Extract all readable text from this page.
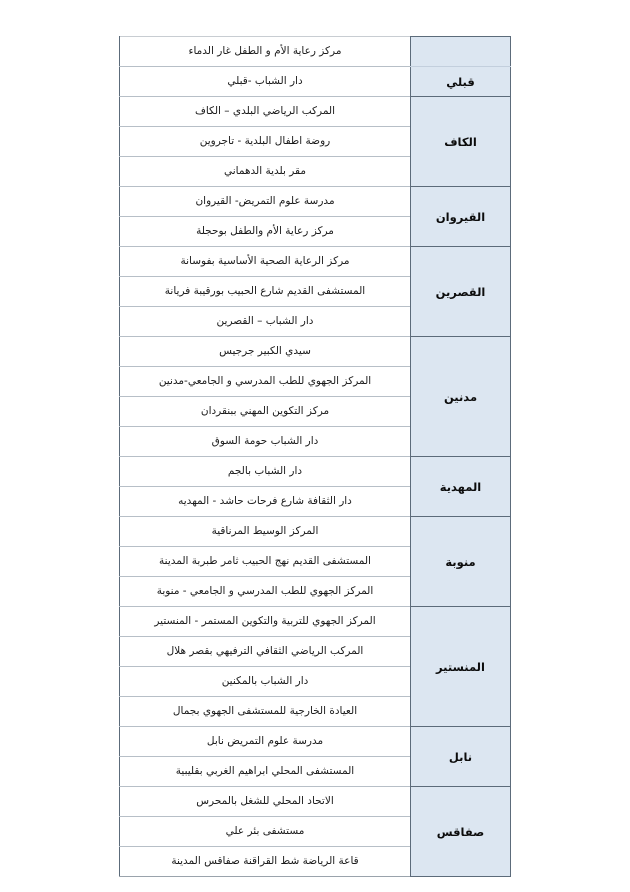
	مركز رعاية الأم و الطفل غار الدماء
قبلي	دار الشباب -قبلي
الكاف	المركب الرياضي البلدي – الكاف
	روضة اطفال البلدية - تاجروين
	مقر بلدية الدهماني
القيروان	مدرسة علوم التمريض- القيروان
	مركز رعاية الأم والطفل بوحجلة
القصرين	مركز الرعاية الصحية الأساسية بفوسانة
	المستشفى القديم شارع الحبيب بورقيبة فريانة
	دار الشباب – القصرين
مدنين	سيدي الكبير جرجيس
	المركز الجهوي للطب المدرسي و الجامعي-مدنين
	مركز التكوين المهني ببنقردان
	دار الشباب حومة السوق
المهدية	دار الشباب بالجم
	دار الثقافة شارع فرحات حاشد - المهديه
منوبة	المركز الوسيط المرناقية
	المستشفى القديم نهج الحبيب ثامر طبربة المدينة
	المركز الجهوي للطب المدرسي و الجامعي - منوبة
المنستير	المركز الجهوي للتربية والتكوين المستمر - المنستير
	المركب الرياضي الثقافي الترفيهي بقصر هلال
	دار الشباب بالمكنين
	العيادة الخارجية للمستشفى الجهوي بجمال
نابل	مدرسة علوم التمريض نابل
	المستشفى المحلي ابراهيم الغربي بقليبية
صفاقس	الاتحاد المحلي للشغل بالمحرس
	مستشفى بئر علي
	قاعة الرياضة شط القراقنة صفاقس المدينة
